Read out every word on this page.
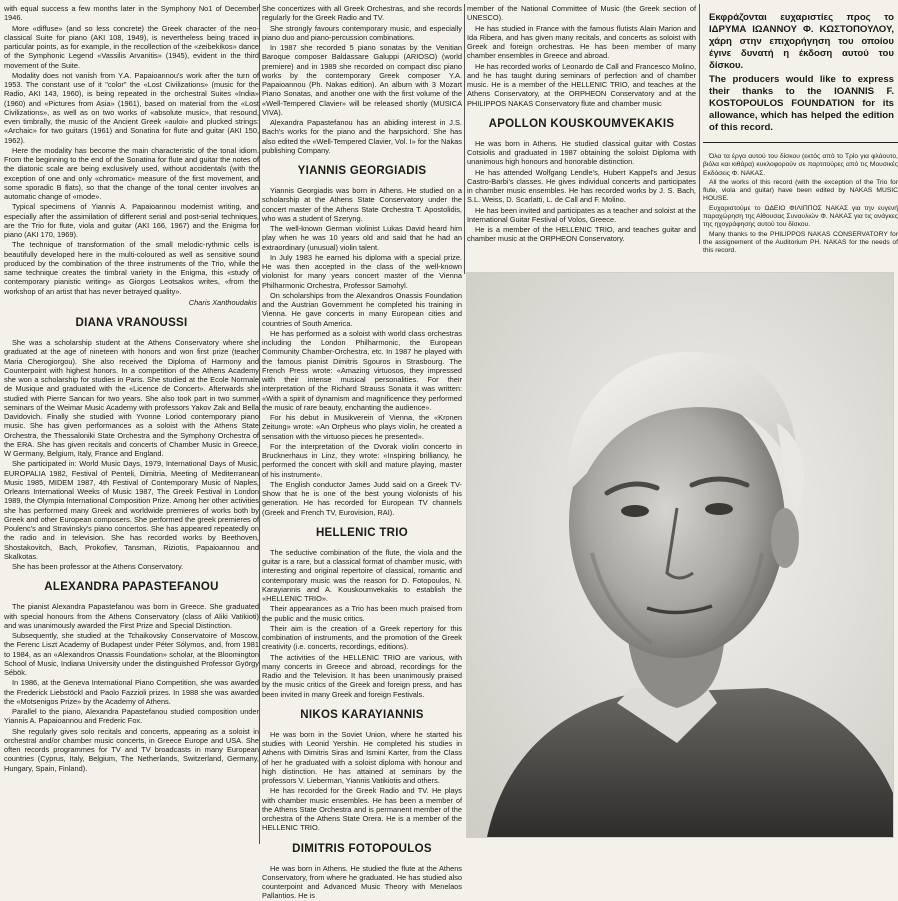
with equal success a few months later in the Symphony No1 of December 1946.

More «diffuse» (and so less concrete) the Greek character of the neo-classical Suite for piano (AKI 108, 1949), is nevertheless being traced in particular points, as for example, in the recollection of the «zeibekikos» dance of the Symphonic Legend «Vassilis Arvanitis» (1945), evident in the third movement of the Suite.

Modality does not vanish from Y.A. Papaioannou's work after the turn of 1953. The constant use of it "color" the «Lost Civilizations» (music for the Radio, AKI 143, 1960), is being repeated in the orchestral Suites «India» (1960) and «Pictures from Asia» (1961), based on material from the «Lost Civilizations», as well as on two works of «absolute music», that resound, even timbrally, the music of the Ancient Greek «auloi» and plucked strings: «Archaic» for two guitars (1961) and Sonatina for flute and guitar (AKI 150, 1962).

Here the modality has become the main characteristic of the tonal idiom. From the beginning to the end of the Sonatina for flute and guitar the notes of the diatonic scale are being exclusively used, without accidentals (with the exception of one and only «chromatic» measure of the first movement, and some sporadic B flats), so that the change of the tonal center involves an automatic change of «mode».

Typical specimens of Yiannis A. Papaioannou modernist writing, and especially after the assimilation of different serial and post-serial techniques, are the Trio for flute, viola and guitar (AKI 166, 1967) and the Enigma for piano (AKI 170, 1969).

The technique of transformation of the small melodic-rythmic cells is beautifully developed here in the multi-coloured as well as sensitive sound produced by the combination of the three instruments of the Trio, while the same technique creates the timbral variety in the Enigma, this «study of contemporary pianistic writing» as Giorgos Leotsakos writes, «from the workshop of an artist that has never betrayed quality».

Charis Xanthoudakis
DIANA VRANOUSSI

She was a scholarship student at the Athens Conservatory where she graduated at the age of nineteen with honors and won first prize (teacher Maria Cherogiorgou). She also received the Diploma of Harmony and Counterpoint with highest honors. In a competition of the Athens Academy she won a scholarship for studies in Paris. She studied at the Ecole Normale de Musique and graduated with the «Licence de Concert». Afterwards she studied with Pierre Sancan for two years. She also took part in two summer seminars of the Weimar Music Academy with professors Yakov Zak and Bella Davidovich. Finally she studied with Yvonne Loriod contemporary piano music. She has given performances as a soloist with the Athens State Orchestra, the Thessaloniki State Orchestra and the Symphony Orchestra of the ERA. She has given recitals and concerts of Chamber Music in Greece, W Germany, Belgium, Italy, France and England.

She participated in: World Music Days, 1979, International Days of Music, EUROPALIA 1982, Festival of Penteli, Dimitria, Meeting of Mediterranean Music 1985, MIDEM 1987, 4th Festival of Contemporary Music of Naples, Orleans International Weeks of Music 1987, The Greek Festival in London 1989, the Olympia International Composition Prize. Among her other activities she has performed many Greek and worldwide premieres of works both by Greek and other European composers. She performed the greek premieres of Poulenc's and Stravinsky's piano concertos. She has appeared repeatedly on the radio and in television. She has recorded works by Beethoven, Shostakovitch, Bach, Prokofiev, Tansman, Riziotis, Papaioannou and Skalkotas.

She has been professor at the Athens Conservatory.

ALEXANDRA PAPASTEFANOU

The pianist Alexandra Papastefanou was born in Greece. She graduated with special honours from the Athens Conservatory (class of Aliki Vatikioti) and was unanimously awarded the First Prize and Special Distinction.

Subsequently, she studied at the Tchaikovsky Conservatoire of Moscow, the Ferenc Liszt Academy of Budapest under Péter Sólymos, and, from 1981 to 1984, as an «Alexandros Onassis Foundation» scholar, at the Bloomington School of Music, Indiana University under the distinguished Professor György Sébök.

In 1986, at the Geneva International Piano Competition, she was awarded the Frederick Liebstöckl and Paolo Fazzioli prizes. In 1988 she was awarded the «Motsenigos Prize» by the Academy of Athens.

Parallel to the piano, Alexandra Papastefanou studied composition under Yiannis A. Papaioannou and Frederic Fox.

She regularly gives solo recitals and concerts, appearing as a soloist in orchestral and/or chamber music concerts, in Greece Europe and USA. She often records programmes for TV and TV broadcasts in many European countries (Cyprus, Italy, Belgium, The Netherlands, Switzerland, Germany, Hungary, Spain, Finland).

She concertizes with all Greek Orchestras, and she records regularly for the Greek Radio and TV.

She strongly favours contemporary music, and especially piano duo and piano-percussion combinations.

In 1987 she recorded 5 piano sonatas by the Venitian Baroque composer Baldassare Galuppi (ARIOSO) (world premiere) and in 1989 she recorded on compact disc piano works by the contemporary Greek composer Y.A. Papaioannou (Ph. Nakas edition). An album with 3 Mozart Piano Sonatas, and another one with the first volume of the «Well-Tempered Clavier» will be released shortly (MUSICA VIVA).

Alexandra Papastefanou has an abiding interest in J.S. Bach's works for the piano and the harpsichord. She has also edited the «Well-Tempered Clavier, Vol. I» for the Nakas publishing Company.

YIANNIS GEORGIADIS

Yiannis Georgiadis was born in Athens. He studied on a scholarship at the Athens State Conservatory under the concert master of the Athens State Orchestra T. Apostolidis, who was a student of Szeryng.

The well-known German violinist Lukas David heard him play when he was 10 years old and said that he had an extraordinary (unusual) violin talent.

In July 1983 he earned his diploma with a special prize. He was then accepted in the class of the well-known violonist for many years concert master of the Vienna Philharmonic Orchestra, Professor Samohyl.

On scholarships from the Alexandros Onassis Foundation and the Austrian Government he completed his training in Vienna. He gave concerts in many European cities and countries of South America.

He has performed as a soloist with world class orchestras including the London Philharmonic, the European Community Chamber-Orchestra, etc. In 1987 he played with the famous pianist Dimitris Sgouros in Strasbourg. The French Press wrote: «Amazing virtuosos, they impressed with their intense musical personalities. For their interpretation of the Richard Strauss Sonata it was written: «With a spirit of dynamism and magnificence they performed the music of rare beauty, enchanting the audience».

For his debut in Musikverein of Vienna, the «Kronen Zeitung» wrote: «An Orpheus who plays violin, he created a sensation with the virtuoso pieces he presented».

For the interpretation of the Dvorak violin concerto in Brucknerhaus in Linz, they wrote: «Inspiring brilliancy, he performed the concert with skill and mature playing, master of his instrument».

The English conductor James Judd said on a Greek TV- Show that he is one of the best young violonists of his generation. He has recorded for European TV channels (Greek and French TV, Eurovision, RAI).

HELLENIC TRIO

The seductive combination of the flute, the viola and the guitar is a rare, but a classical format of chamber music, with interesting and original repertoire of classical, romantic and contemporary music was the reason for D. Fotopoulos, N. Karayiannis and A. Kouskoumvekakis to establish the «HELLENIC TRIO».

Their appearances as a Trio has been much praised from the public and the music critics.

Their aim is the creation of a Greek repertory for this combination of instruments, and the promotion of the Greek creativity (i.e. concerts, recordings, editions).

The activities of the HELLENIC TRIO are various, with many concerts in Greece and abroad, recordings for the Radio and the Television. It has been unanimously praised by the music critics of the Greek and foreign press, and has been invited in many Greek and foreign Festivals.

NIKOS KARAYIANNIS

He was born in the Soviet Union, where he started his studies with Leonid Yershin. He completed his studies in Athens with Dimitris Siras and Ismini Karter, from the Class of her he graduated with a soloist diploma with honour and high distinction. He has attained at seminars by the professors V. Lieberman, Yiannis Vatikiotis and others.

He has recorded for the Greek Radio and TV. He plays with chamber music ensembles. He has been a member of the Athens State Orchestra and is permanent member of the orchestra of the Athens State Orera. He is a member of the HELLENIC TRIO.

DIMITRIS FOTOPOULOS

He was born in Athens. He studied the flute at the Athens Conservatory, from where he graduated. He has studied also counterpoint and Advanced Music Theory with Menelaos Pallantios. He is

member of the National Committee of Music (the Greek section of UNESCO).

He has studied in France with the famous flutists Alain Marion and Ida Ribera, and has given many recitals, and concerts as soloist with Greek and foreign orchestras. He has been member of many chamber ensembles in Greece and abroad.

He has recorded works of Leonardo de Call and Francesco Molino, and he has taught during seminars of perfection and of chamber music. He is a member of the HELLENIC TRIO, and teaches at the Athens Conservatory, at the ORPHEON Conservatory and at the PHILIPPOS NAKAS Conservatory flute and chamber music

APOLLON KOUSKOUMVEKAKIS

He was born in Athens. He studied classical guitar with Costas Cotsiolis and graduated in 1987 obtaining the soloist Diploma with unanimous high honours and honorable distinction.

He has attended Wolfgang Lendle's, Hubert Kappel's and Jesus Castro-Barbi's classes. He gives individual concerts and participates in chamber music ensembles. He has recorded works by J. S. Bach, S.L. Weiss, D. Scarlatti, L. de Call and F. Molino.

He has been invited and participates as a teacher and soloist at the International Guitar Festival of Volos, Greece.

He is a member of the HELLENIC TRIO, and teaches guitar and chamber music at the ORPHEON Conservatory.

Εκφράζονται ευχαριστίες προς το ΙΔΡΥΜΑ ΙΩΑΝΝΟΥ Φ. ΚΩΣΤΟΠΟΥΛΟΥ, χάρη στην επιχορήγηση του οποίου έγινε δυνατή η έκδοση αυτού του δίσκου.

The producers would like to express their thanks to the IOANNIS F. KOSTOPOULOS FOUNDATION for its allowance, which has helped the edition of this record.

Όλα τα έργα αυτού του δίσκου (εκτός από το Τρίο για φλάουτο, βιόλα και κιθάρα) κυκλοφορούν σε παρτιτούρες από τις Μουσικές Εκδόσεις Φ. ΝΑΚΑΣ.

All the works of this record (with the exception of the Trio for flute, viola and guitar) have been edited by NAKAS MUSIC HOUSE.

Ευχαριστούμε το ΩΔΕΙΟ ΦΙΛΙΠΠΟΣ ΝΑΚΑΣ για την ευγενή παραχώρηση της Αίθουσας Συναυλιών Φ. ΝΑΚΑΣ για τις ανάγκες της ηχογράφησης αυτού του δίσκου.

Many thanks to the PHILIPPOS NAKAS CONSERVATORY for the assignement of the Auditorium PH. NAKAS for the needs of this record.
